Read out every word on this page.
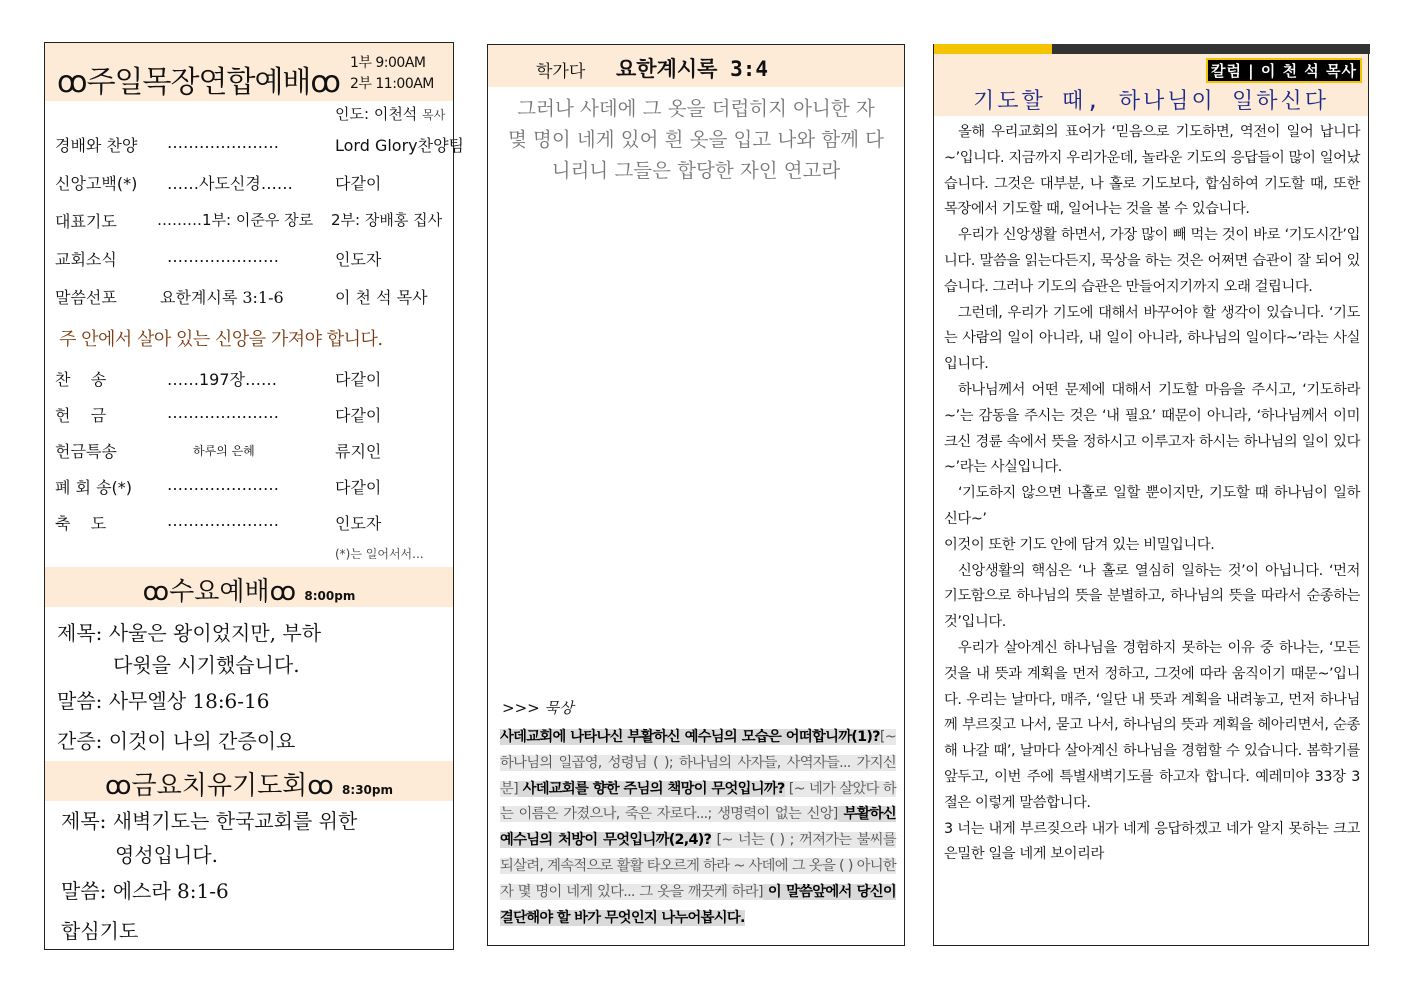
ꝏ주일목장연합예배ꝏ
1부 9:00AM
2부 11:00AM
인도: 이천석 목사
경배와 찬양 …………………	Lord Glory찬양팀
신앙고백(*) ……사도신경……	다같이
대표기도	………1부: 이준우 장로 2부: 장배홍 집사
교회소식	…………………	인도자
말씀선포	요한계시록 3:1-6	이 천 석 목사
주 안에서 살아 있는 신앙을 가져야 합니다.
찬    송	……197장……	다같이
헌    금	…………………	다같이
헌금특송	하루의 은혜	류지인
폐 회 송(*) …………………	다같이
축    도	…………………	인도자
(*)는 일어서서...
ꝏ수요예배ꝏ 8:00pm
제목: 사울은 왕이었지만, 부하
다윗을 시기했습니다.
말씀: 사무엘상 18:6-16
간증: 이것이 나의 간증이요
ꝏ금요치유기도회ꝏ 8:30pm
제목: 새벽기도는 한국교회를 위한
영성입니다.
말씀: 에스라 8:1-6
합심기도
학가다 요한계시록 3:4
그러나 사데에 그 옷을 더럽히지 아니한 자 몇 명이 네게 있어 흰 옷을 입고 나와 함께 다니리니 그들은 합당한 자인 연고라
>>> 묵상
사데교회에 나타나신 부활하신 예수님의 모습은 어떠합니까(1)?[~ 하나님의 일곱영, 성령님 ( ); 하나님의 사자들, 사역자들... 가지신 분] 사데교회를 향한 주님의 책망이 무엇입니까? [~ 네가 살았다 하는 이름은 가졌으나, 죽은 자로다...; 생명력이 없는 신앙] 부활하신 예수님의 처방이 무엇입니까(2,4)? [~ 너는 ( ) ; 꺼져가는 불씨를 되살려, 계속적으로 활활 타오르게 하라 ~ 사데에 그 옷을 ( ) 아니한 자 몇 명이 네게 있다... 그 옷을 깨끗케 하라] 이 말씀앞에서 당신이 결단해야 할 바가 무엇인지 나누어봅시다.
칼럼 | 이 천 석 목사
기도할 때, 하나님이 일하신다

올해 우리교회의 표어가 ‘믿음으로 기도하면, 역전이 일어 납니다~’입니다. 지금까지 우리가운데, 놀라운 기도의 응답들이 많이 일어났습니다. 그것은 대부분, 나 홀로 기도보다, 합심하여 기도할 때, 또한 목장에서 기도할 때, 일어나는 것을 볼 수 있습니다.

우리가 신앙생활 하면서, 가장 많이 빼 먹는 것이 바로 ‘기도시간’입니다. 말씀을 읽는다든지, 묵상을 하는 것은 어쩌면 습관이 잘 되어 있습니다. 그러나 기도의 습관은 만들어지기까지 오래 걸립니다.

그런데, 우리가 기도에 대해서 바꾸어야 할 생각이 있습니다. ‘기도는 사람의 일이 아니라, 내 일이 아니라, 하나님의 일이다~’라는 사실입니다.

하나님께서 어떤 문제에 대해서 기도할 마음을 주시고, ‘기도하라~’는 감동을 주시는 것은 ‘내 필요’ 때문이 아니라, ‘하나님께서 이미 크신 경륜 속에서 뜻을 정하시고 이루고자 하시는 하나님의 일이 있다~’라는 사실입니다.

‘기도하지 않으면 나홀로 일할 뿐이지만, 기도할 때 하나님이 일하신다~’

이것이 또한 기도 안에 담겨 있는 비밀입니다.

신앙생활의 핵심은 ‘나 홀로 열심히 일하는 것’이 아닙니다. ‘먼저 기도함으로 하나님의 뜻을 분별하고, 하나님의 뜻을 따라서 순종하는 것’입니다.

우리가 살아계신 하나님을 경험하지 못하는 이유 중 하나는, ‘모든 것을 내 뜻과 계획을 먼저 정하고, 그것에 따라 움직이기 때문~’입니다. 우리는 날마다, 매주, ‘일단 내 뜻과 계획을 내려놓고, 먼저 하나님께 부르짖고 나서, 묻고 나서, 하나님의 뜻과 계획을 헤아리면서, 순종해 나갈 때’, 날마다 살아계신 하나님을 경험할 수 있습니다. 봄학기를 앞두고, 이번 주에 특별새벽기도를 하고자 합니다. 예레미야 33장 3절은 이렇게 말씀합니다.

3 너는 내게 부르짖으라 내가 네게 응답하겠고 네가 알지 못하는 크고 은밀한 일을 네게 보이리라
